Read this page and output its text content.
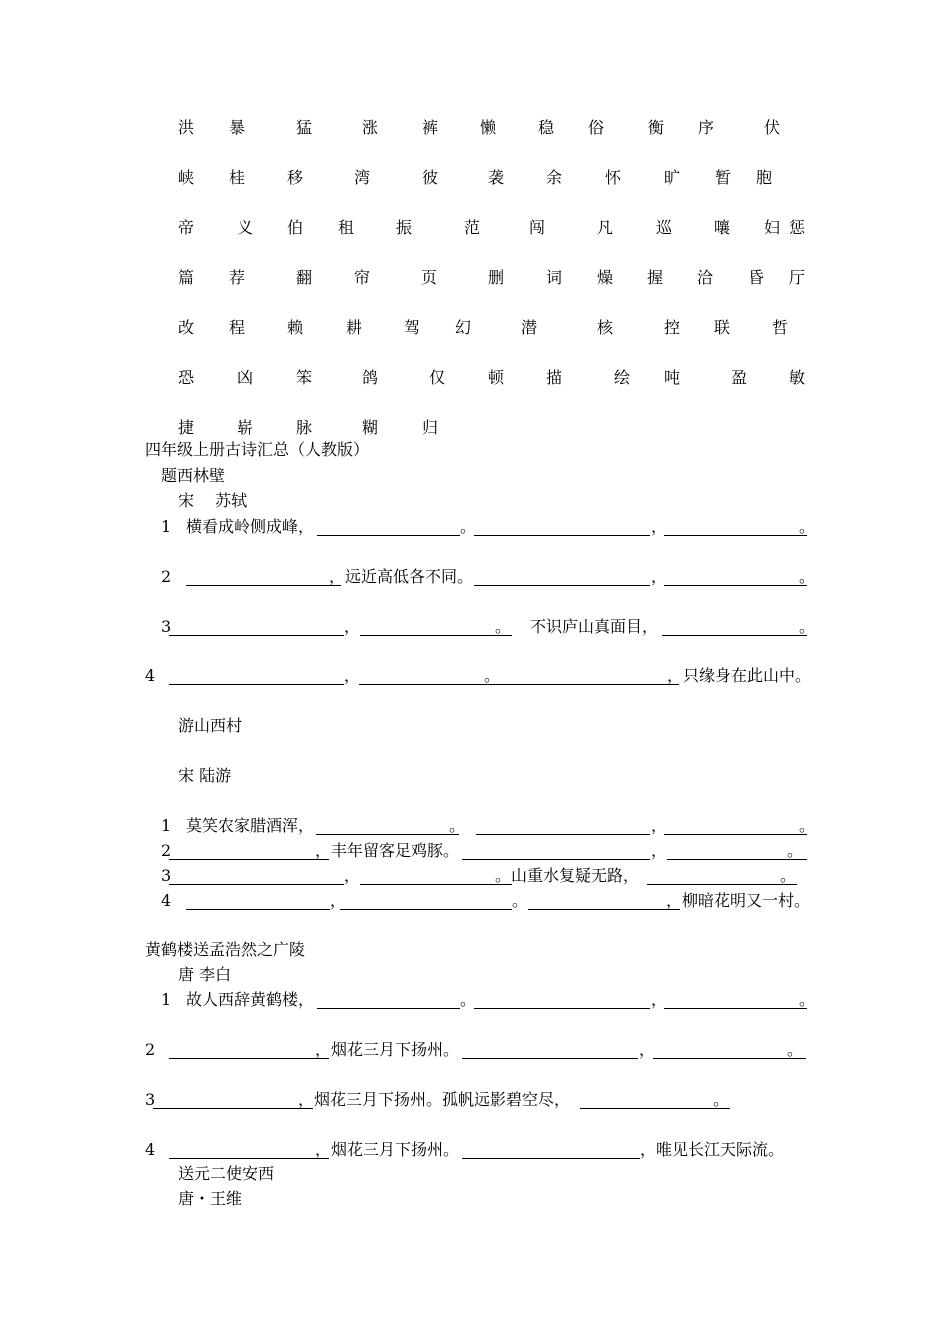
洪 暴	猛	涨	裤	懒	稳 俗	衡 序	伏
峡 桂	移	湾	彼	袭	余	怀	旷 暂 胞
帝	义 伯 租	振	范	闯	凡	巡	嚷 妇 惩
篇 荐	翻	帘	页	删	词 燥 握 洽 昏 厅
改 程	赖	耕	驾 幻	潜	核	控 联	哲
恐	凶	笨	鸽	仅	顿	描	绘 吨	盈	敏
捷	崭	脉	糊	归
四年级上册古诗汇总（人教版）
题西林壁
宋　 苏轼
1 横看成岭侧成峰，	。	，	。
2	，远近高低各不同。	，	。
3	，	。 不识庐山真面目，	。
4	，	。	，只缘身在此山中。
游山西村
宋 陆游
1 莫笑农家腊酒浑，	。	，	。
2	，丰年留客足鸡豚。	，	。
3	，	。山重水复疑无路，	。
4	，	。	，柳暗花明又一村。
黄鹤楼送孟浩然之广陵
唐 李白
1 故人西辞黄鹤楼，	。	，	。
2	，烟花三月下扬州。	，	。
3	，烟花三月下扬州。孤帆远影碧空尽，	。
4	，烟花三月下扬州。	，唯见长江天际流。
送元二使安西
唐・王维
